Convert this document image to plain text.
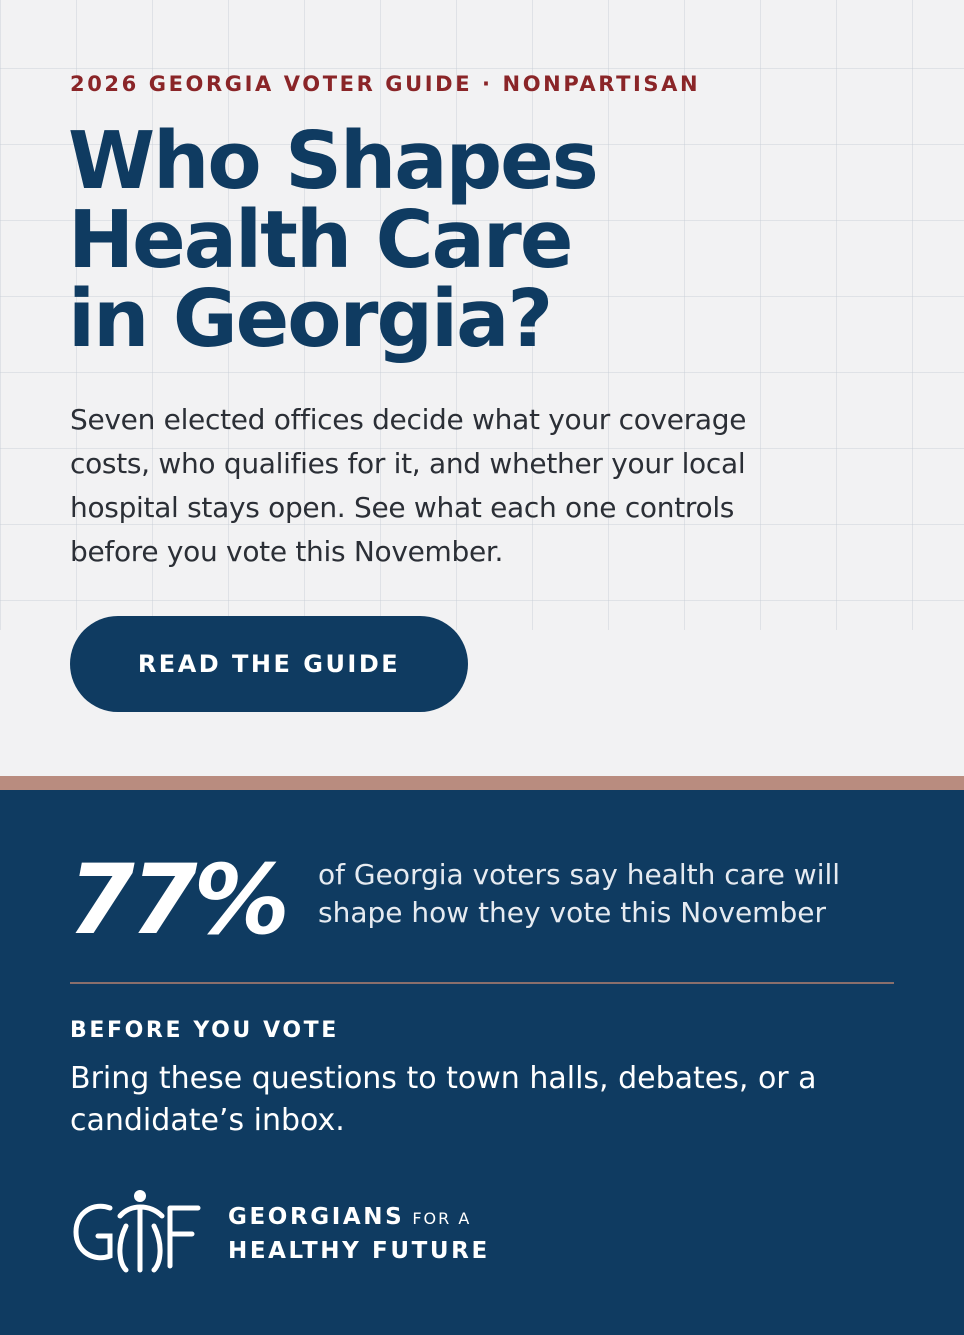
2026 GEORGIA VOTER GUIDE · NONPARTISAN
Who Shapes
Health Care
in Georgia?

Seven elected offices decide what your coverage costs, who qualifies for it, and whether your local hospital stays open. See what each one controls before you vote this November.

READ THE GUIDE
77% of Georgia voters say health care will shape how they vote this November
BEFORE YOU VOTE
Bring these questions to town halls, debates, or a candidate’s inbox.
GEORGIANS FOR A
HEALTHY FUTURE
